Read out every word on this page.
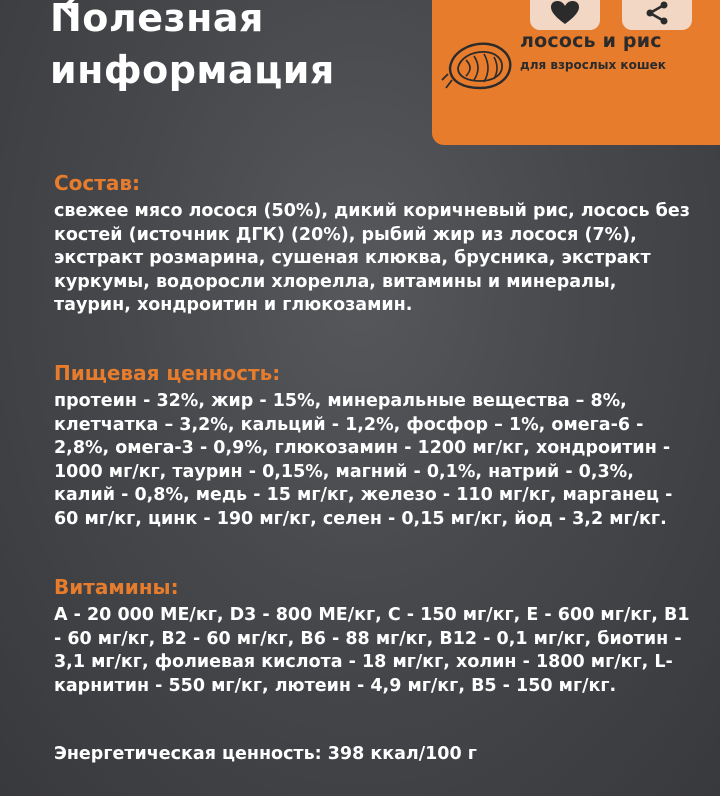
Полезная
информация
лосось и рис
для взрослых кошек
Состав:

свежее мясо лосося (50%), дикий коричневый рис, лосось без костей (источник ДГК) (20%), рыбий жир из лосося (7%), экстракт розмарина, сушеная клюква, брусника, экстракт куркумы, водоросли хлорелла, витамины и минералы, таурин, хондроитин и глюкозамин.

Пищевая ценность:

протеин - 32%, жир - 15%, минеральные вещества – 8%, клетчатка – 3,2%, кальций - 1,2%, фосфор – 1%, омега-6 - 2,8%, омега-3 - 0,9%, глюкозамин - 1200 мг/кг, хондроитин - 1000 мг/кг, таурин - 0,15%, магний - 0,1%, натрий - 0,3%, калий - 0,8%, медь - 15 мг/кг, железо - 110 мг/кг, марганец - 60 мг/кг, цинк - 190 мг/кг, селен - 0,15 мг/кг, йод - 3,2 мг/кг.

Витамины:

А - 20 000 МЕ/кг, D3 - 800 МЕ/кг, С - 150 мг/кг, Е - 600 мг/кг, B1 - 60 мг/кг, B2 - 60 мг/кг, B6 - 88 мг/кг, B12 - 0,1 мг/кг, биотин - 3,1 мг/кг, фолиевая кислота - 18 мг/кг, холин - 1800 мг/кг, L-карнитин - 550 мг/кг, лютеин - 4,9 мг/кг, B5 - 150 мг/кг.

Энергетическая ценность: 398 ккал/100 г
